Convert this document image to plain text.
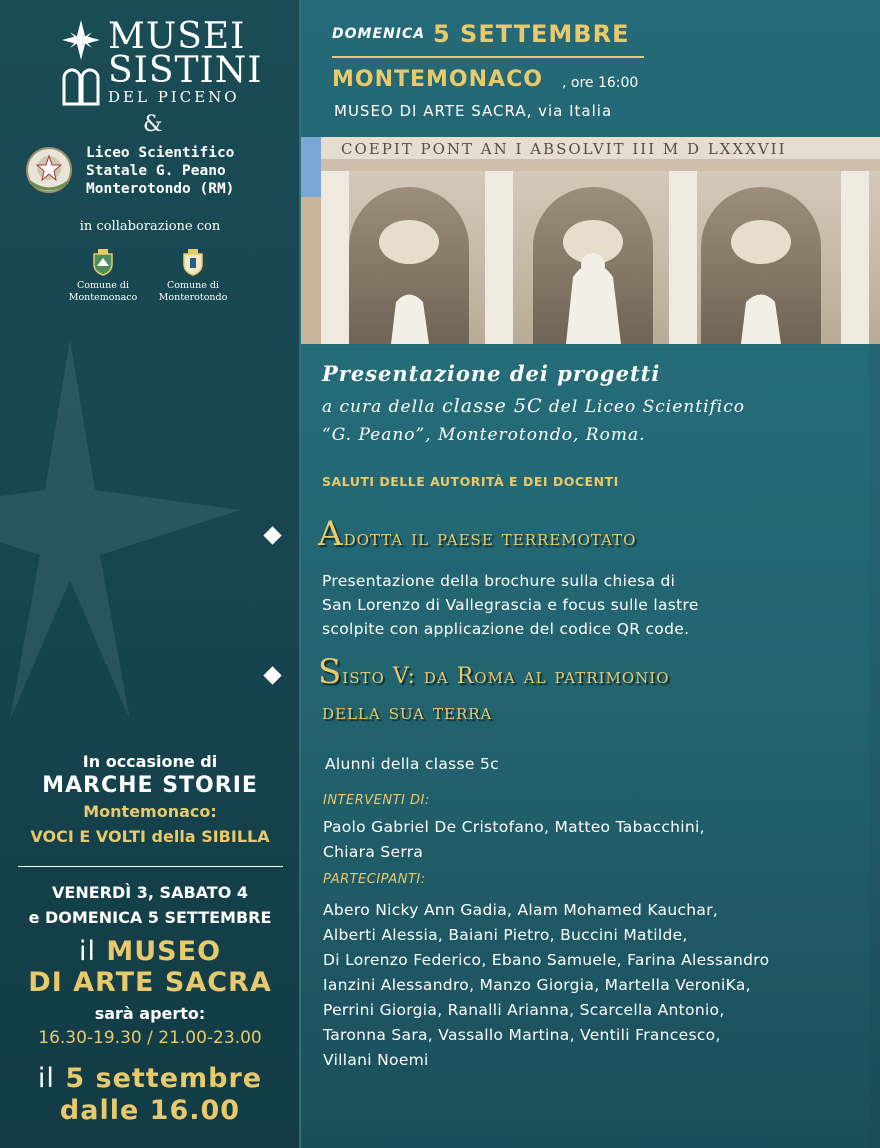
MUSEI
SISTINI
DEL PICENO
&
Liceo Scientifico
Statale G. Peano
Monterotondo (RM)
in collaborazione con
Comune di
Montemonaco
Comune di
Monterotondo
In occasione di
MARCHE STORIE
Montemonaco:
VOCI E VOLTI della SIBILLA
VENERDÌ 3, SABATO 4
e DOMENICA 5 SETTEMBRE
il MUSEO
DI ARTE SACRA
sarà aperto:
16.30-19.30 / 21.00-23.00
il 5 settembre
dalle 16.00
DOMENICA 5 SETTEMBRE
MONTEMONACO , ore 16:00
MUSEO DI ARTE SACRA, via Italia
COEPIT PONT AN I ABSOLVIT III M D LXXXVII
Presentazione dei progetti
a cura della classe 5C del Liceo Scientifico
“G. Peano”, Monterotondo, Roma.
SALUTI DELLE AUTORITÀ E DEI DOCENTI
Adotta il paese terremotato
Presentazione della brochure sulla chiesa di
San Lorenzo di Vallegrascia e focus sulle lastre
scolpite con applicazione del codice QR code.
Sisto V: da Roma al patrimonio
della sua terra
Alunni della classe 5c
INTERVENTI DI:
Paolo Gabriel De Cristofano, Matteo Tabacchini,
Chiara Serra
PARTECIPANTI:
Abero Nicky Ann Gadia, Alam Mohamed Kauchar,
Alberti Alessia, Baiani Pietro, Buccini Matilde,
Di Lorenzo Federico, Ebano Samuele, Farina Alessandro
Ianzini Alessandro, Manzo Giorgia, Martella VeroniKa,
Perrini Giorgia, Ranalli Arianna, Scarcella Antonio,
Taronna Sara, Vassallo Martina, Ventili Francesco,
Villani Noemi
